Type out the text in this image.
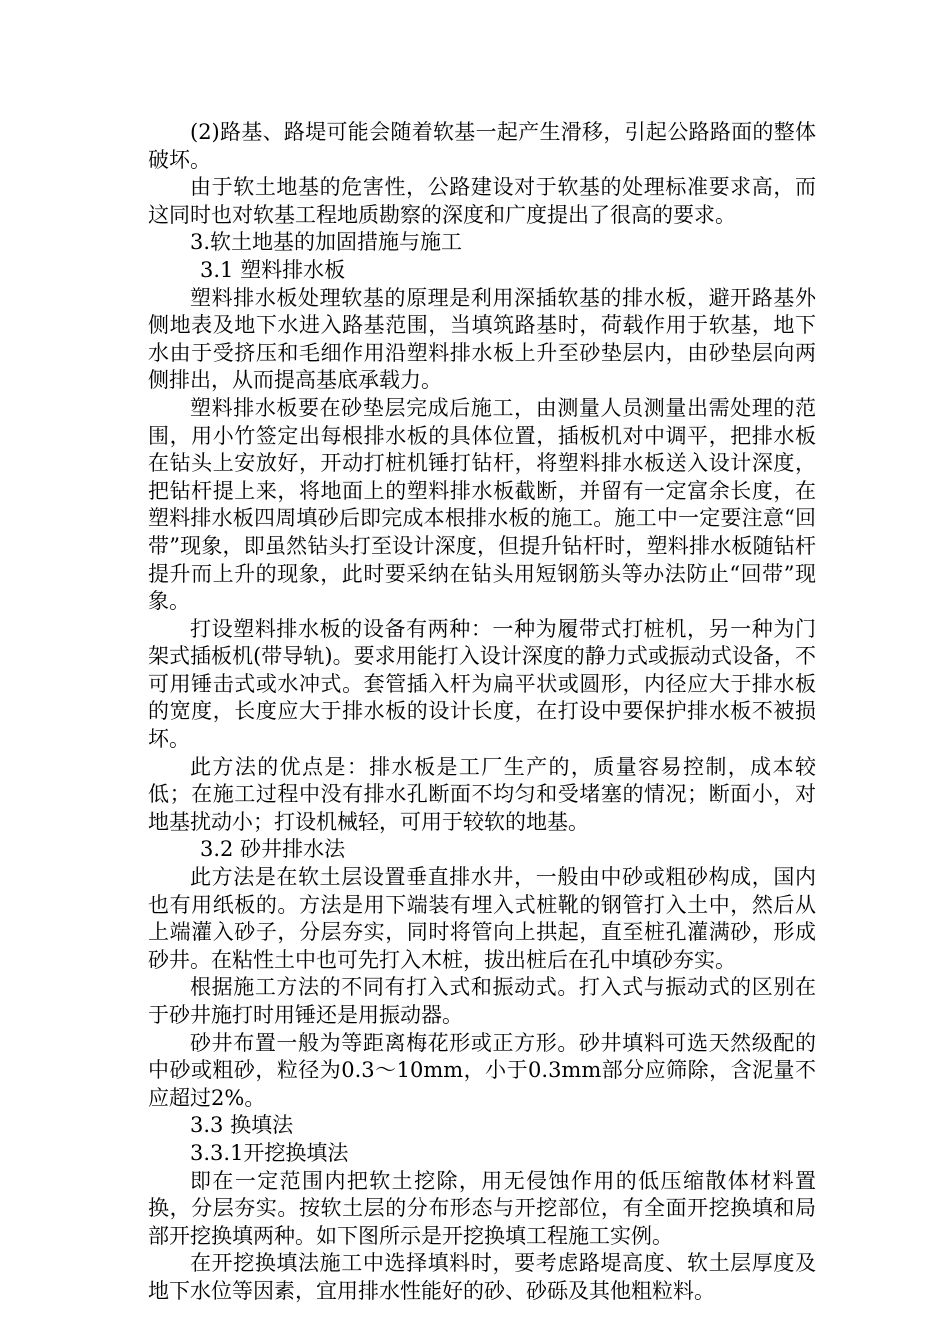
(2)路基、路堤可能会随着软基一起产生滑移，引起公路路面的整体破坏。

由于软土地基的危害性，公路建设对于软基的处理标准要求高，而这同时也对软基工程地质勘察的深度和广度提出了很高的要求。

3.软土地基的加固措施与施工

3.1 塑料排水板

塑料排水板处理软基的原理是利用深插软基的排水板，避开路基外侧地表及地下水进入路基范围，当填筑路基时，荷载作用于软基，地下水由于受挤压和毛细作用沿塑料排水板上升至砂垫层内，由砂垫层向两侧排出，从而提高基底承载力。

塑料排水板要在砂垫层完成后施工，由测量人员测量出需处理的范围，用小竹签定出每根排水板的具体位置，插板机对中调平，把排水板在钻头上安放好，开动打桩机锤打钻杆，将塑料排水板送入设计深度，把钻杆提上来，将地面上的塑料排水板截断，并留有一定富余长度，在塑料排水板四周填砂后即完成本根排水板的施工。施工中一定要注意“回带”现象，即虽然钻头打至设计深度，但提升钻杆时，塑料排水板随钻杆提升而上升的现象，此时要采纳在钻头用短钢筋头等办法防止“回带”现象。

打设塑料排水板的设备有两种：一种为履带式打桩机，另一种为门架式插板机(带导轨)。要求用能打入设计深度的静力式或振动式设备，不可用锤击式或水冲式。套管插入杆为扁平状或圆形，内径应大于排水板的宽度，长度应大于排水板的设计长度，在打设中要保护排水板不被损坏。

此方法的优点是：排水板是工厂生产的，质量容易控制，成本较低；在施工过程中没有排水孔断面不均匀和受堵塞的情况；断面小，对地基扰动小；打设机械轻，可用于较软的地基。

3.2 砂井排水法

此方法是在软土层设置垂直排水井，一般由中砂或粗砂构成，国内也有用纸板的。方法是用下端装有埋入式桩靴的钢管打入土中，然后从上端灌入砂子，分层夯实，同时将管向上拱起，直至桩孔灌满砂，形成砂井。在粘性土中也可先打入木桩，拔出桩后在孔中填砂夯实。

根据施工方法的不同有打入式和振动式。打入式与振动式的区别在于砂井施打时用锤还是用振动器。

砂井布置一般为等距离梅花形或正方形。砂井填料可选天然级配的中砂或粗砂，粒径为0.3～10mm，小于0.3mm部分应筛除，含泥量不应超过2%。

3.3 换填法

3.3.1开挖换填法

即在一定范围内把软土挖除，用无侵蚀作用的低压缩散体材料置换，分层夯实。按软土层的分布形态与开挖部位，有全面开挖换填和局部开挖换填两种。如下图所示是开挖换填工程施工实例。

在开挖换填法施工中选择填料时，要考虑路堤高度、软土层厚度及地下水位等因素，宜用排水性能好的砂、砂砾及其他粗粒料。
